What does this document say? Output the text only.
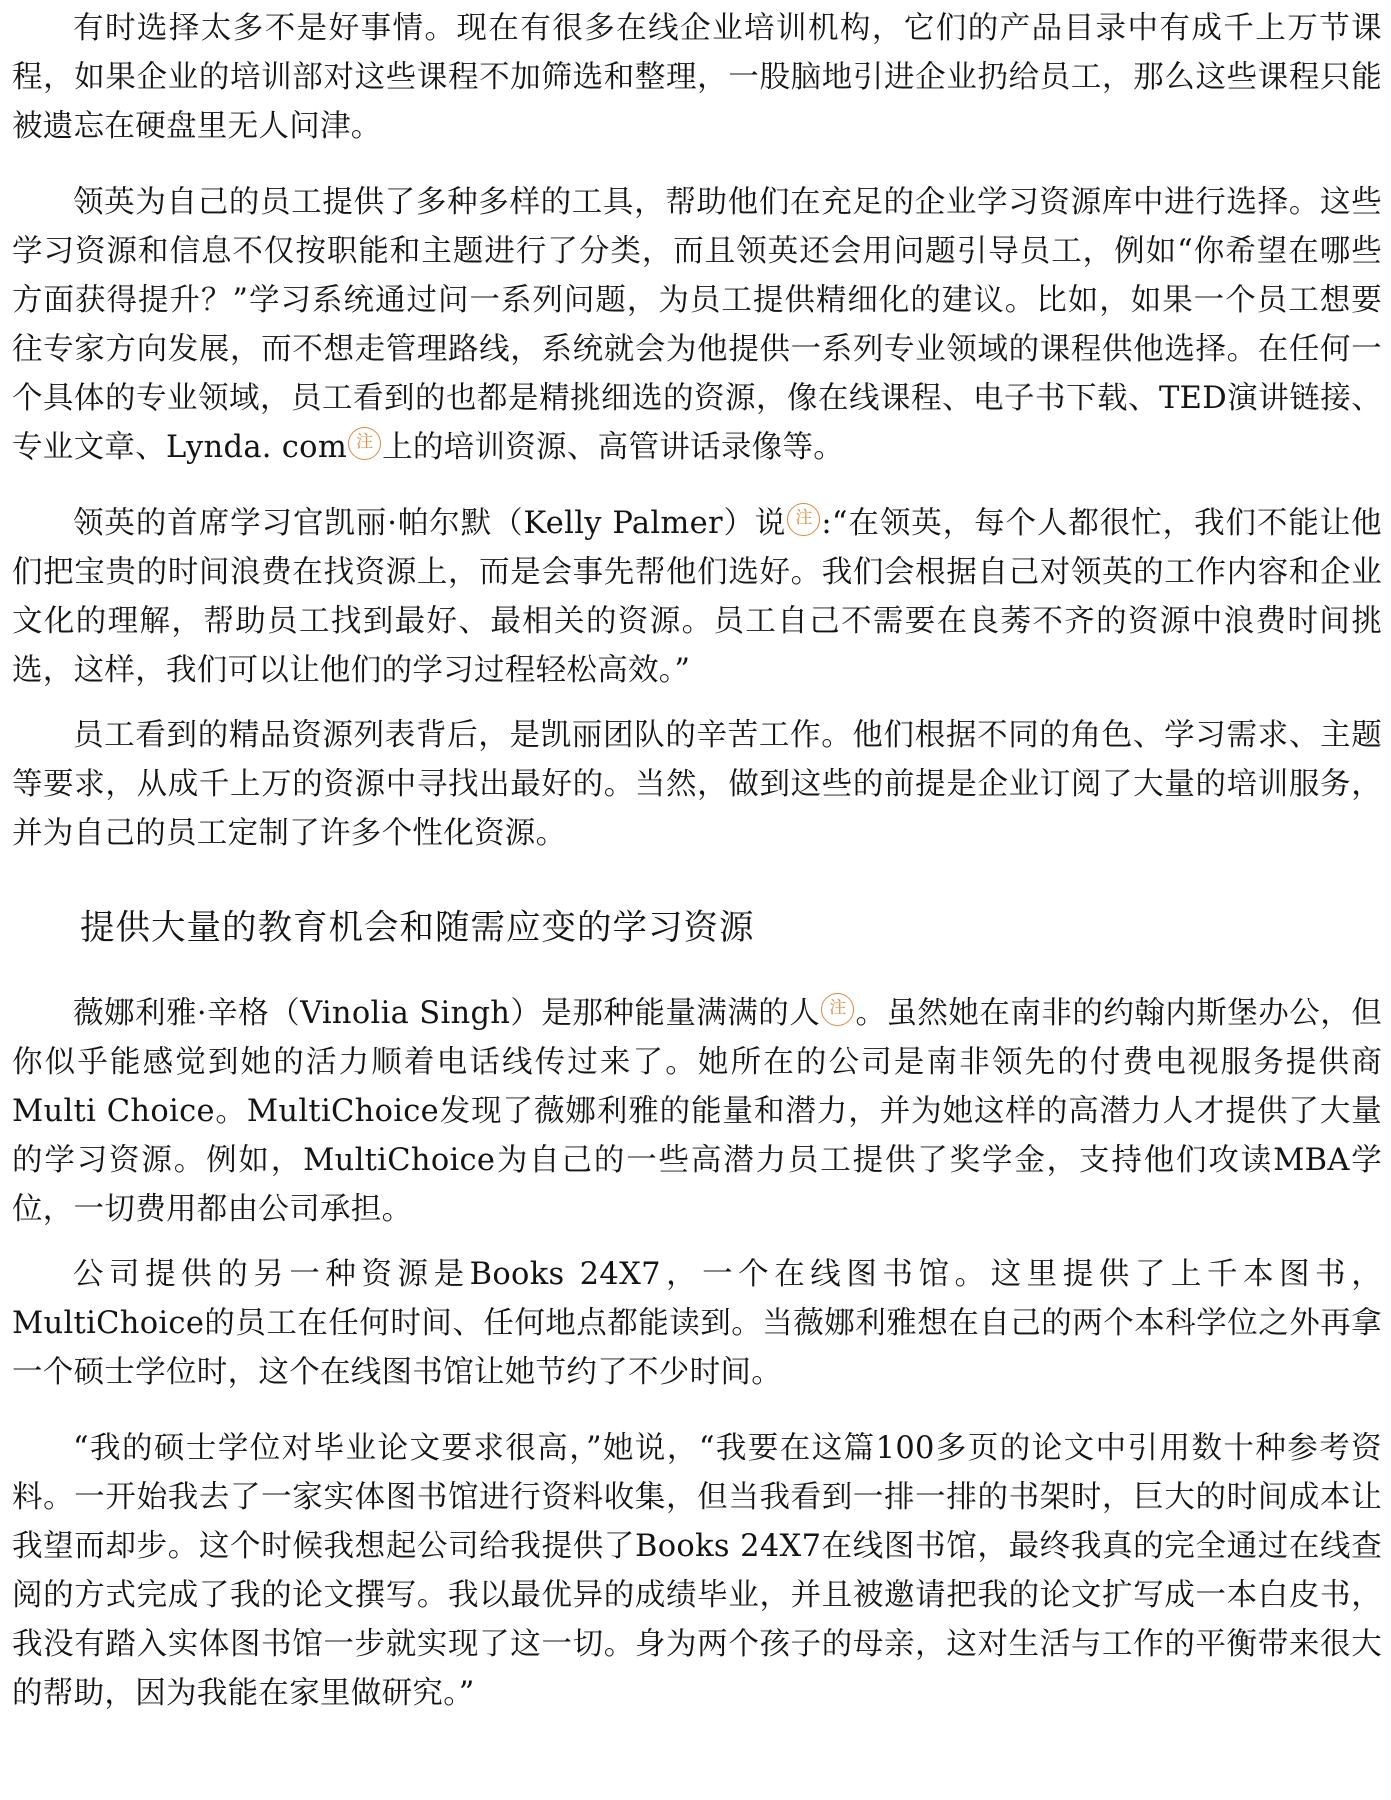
有时选择太多不是好事情。现在有很多在线企业培训机构，它们的产品目录中有成千上万节课程，如果企业的培训部对这些课程不加筛选和整理，一股脑地引进企业扔给员工，那么这些课程只能被遗忘在硬盘里无人问津。

领英为自己的员工提供了多种多样的工具，帮助他们在充足的企业学习资源库中进行选择。这些学习资源和信息不仅按职能和主题进行了分类，而且领英还会用问题引导员工，例如“你希望在哪些方面获得提升？”学习系统通过问一系列问题，为员工提供精细化的建议。比如，如果一个员工想要往专家方向发展，而不想走管理路线，系统就会为他提供一系列专业领域的课程供他选择。在任何一个具体的专业领域，员工看到的也都是精挑细选的资源，像在线课程、电子书下载、TED演讲链接、专业文章、Lynda. com 注 上的培训资源、高管讲话录像等。

领英的首席学习官凯丽·帕尔默（Kelly Palmer）说 注 :“在领英，每个人都很忙，我们不能让他们把宝贵的时间浪费在找资源上，而是会事先帮他们选好。我们会根据自己对领英的工作内容和企业文化的理解，帮助员工找到最好、最相关的资源。员工自己不需要在良莠不齐的资源中浪费时间挑选，这样，我们可以让他们的学习过程轻松高效。”

员工看到的精品资源列表背后，是凯丽团队的辛苦工作。他们根据不同的角色、学习需求、主题等要求，从成千上万的资源中寻找出最好的。当然，做到这些的前提是企业订阅了大量的培训服务，并为自己的员工定制了许多个性化资源。

提供大量的教育机会和随需应变的学习资源

薇娜利雅·辛格（Vinolia Singh）是那种能量满满的人 注 。虽然她在南非的约翰内斯堡办公，但你似乎能感觉到她的活力顺着电话线传过来了。她所在的公司是南非领先的付费电视服务提供商Multi Choice。MultiChoice发现了薇娜利雅的能量和潜力，并为她这样的高潜力人才提供了大量的学习资源。例如，MultiChoice为自己的一些高潜力员工提供了奖学金，支持他们攻读MBA学位，一切费用都由公司承担。

公司提供的另一种资源是Books 24X7，一个在线图书馆。这里提供了上千本图书，MultiChoice的员工在任何时间、任何地点都能读到。当薇娜利雅想在自己的两个本科学位之外再拿一个硕士学位时，这个在线图书馆让她节约了不少时间。

“我的硕士学位对毕业论文要求很高，”她说，“我要在这篇100多页的论文中引用数十种参考资料。一开始我去了一家实体图书馆进行资料收集，但当我看到一排一排的书架时，巨大的时间成本让我望而却步。这个时候我想起公司给我提供了Books 24X7在线图书馆，最终我真的完全通过在线查阅的方式完成了我的论文撰写。我以最优异的成绩毕业，并且被邀请把我的论文扩写成一本白皮书，我没有踏入实体图书馆一步就实现了这一切。身为两个孩子的母亲，这对生活与工作的平衡带来很大的帮助，因为我能在家里做研究。”
